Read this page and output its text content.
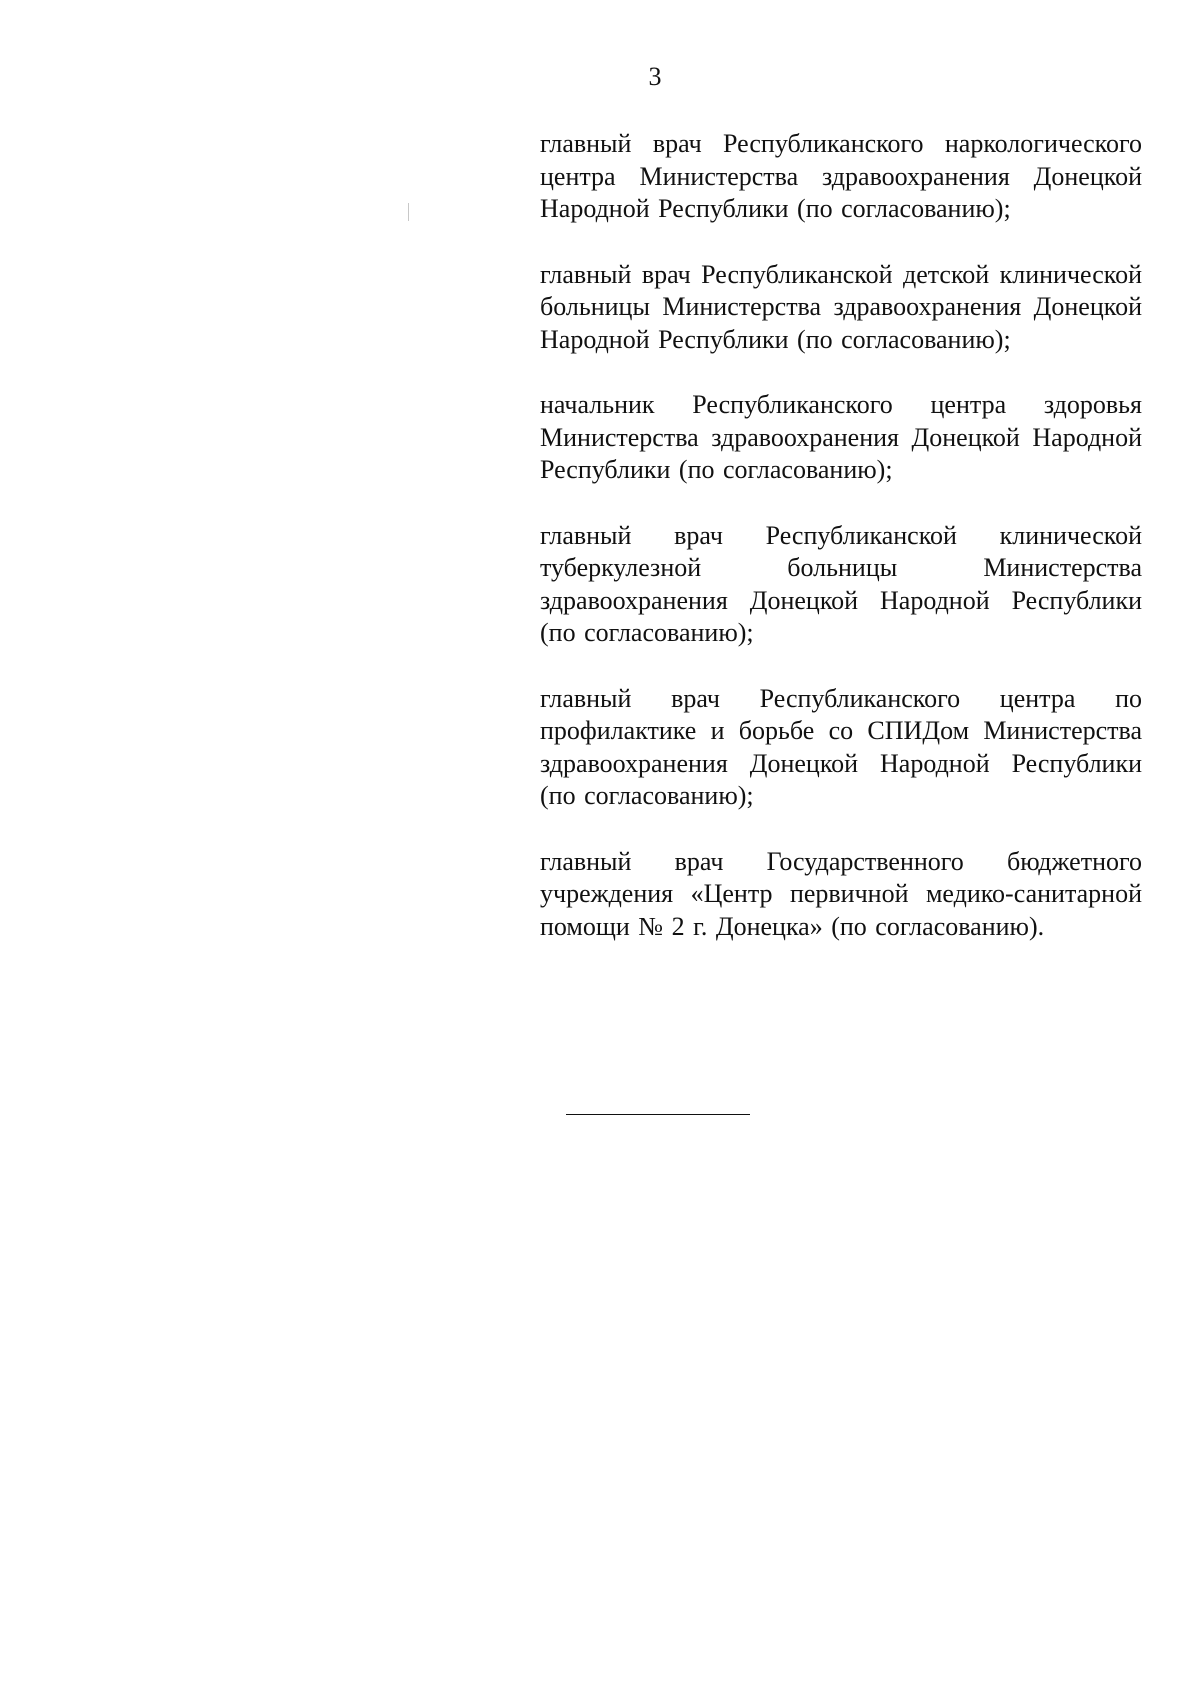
3

главный врач Республиканского наркологического центра Министерства здравоохранения Донецкой Народной Республики (по согласованию);

главный врач Республиканской детской клинической больницы Министерства здравоохранения Донецкой Народной Республики (по согласованию);

начальник Республиканского центра здоровья Министерства здравоохранения Донецкой Народной Республики (по согласованию);

главный врач Республиканской клинической туберкулезной больницы Министерства здравоохранения Донецкой Народной Республики (по согласованию);

главный врач Республиканского центра по профилактике и борьбе со СПИДом Министерства здравоохранения Донецкой Народной Республики (по согласованию);

главный врач Государственного бюджетного учреждения «Центр первичной медико-санитарной помощи № 2 г. Донецка» (по согласованию).
